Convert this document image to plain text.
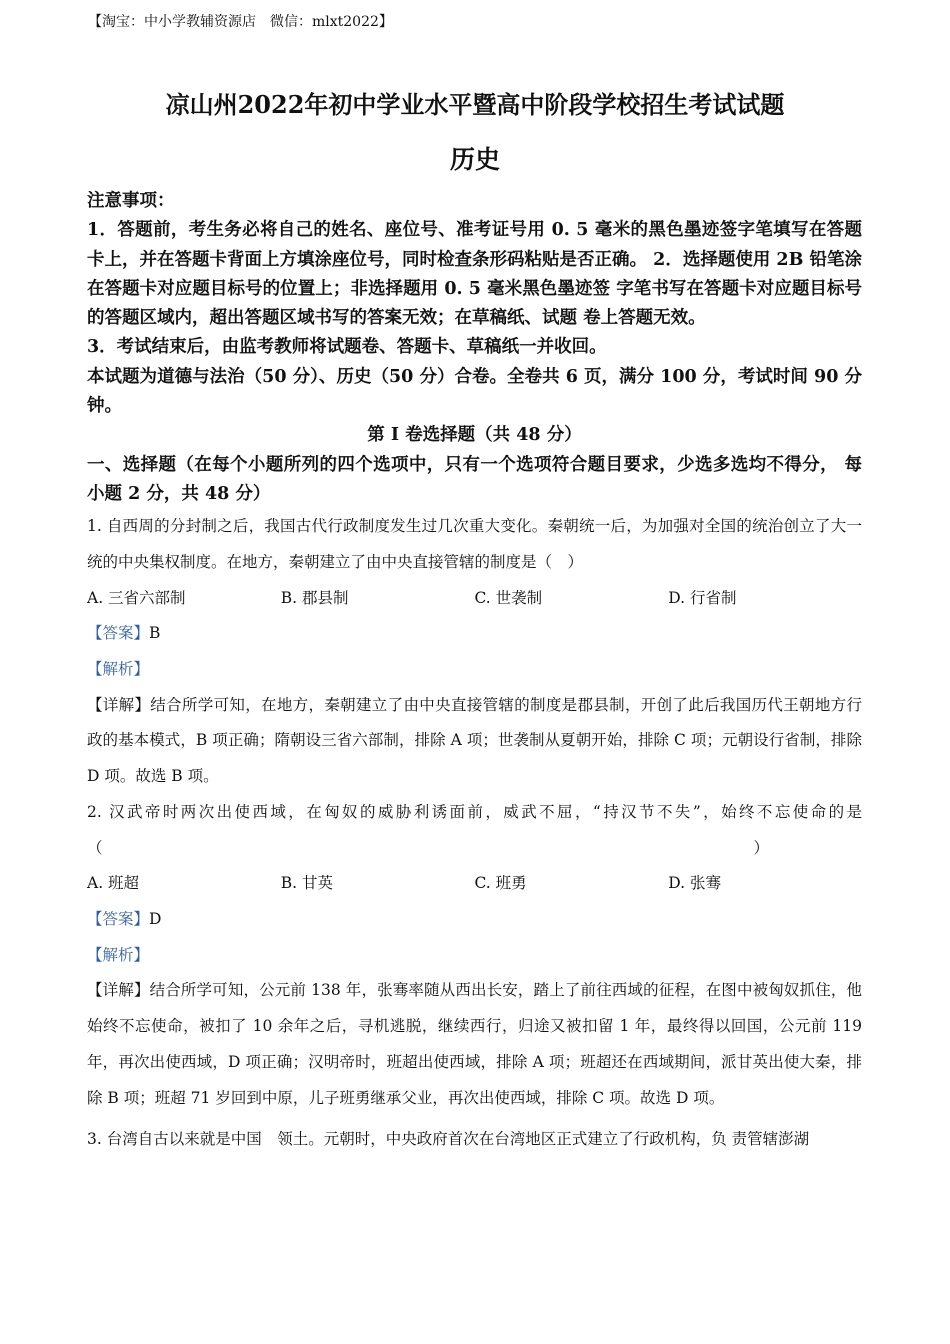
【淘宝：中小学教辅资源店　微信：mlxt2022】
凉山州2022年初中学业水平暨高中阶段学校招生考试试题
历史

注意事项：

1．答题前，考生务必将自己的姓名、座位号、准考证号用 0. 5 毫米的黑色墨迹签字笔填写在答题卡上，并在答题卡背面上方填涂座位号，同时检查条形码粘贴是否正确。 2．选择题使用 2B 铅笔涂在答题卡对应题目标号的位置上；非选择题用 0. 5 毫米黑色墨迹签 字笔书写在答题卡对应题目标号的答题区域内，超出答题区域书写的答案无效；在草稿纸、试题 卷上答题无效。

3．考试结束后，由监考教师将试题卷、答题卡、草稿纸一并收回。

本试题为道德与法治（50 分）、历史（50 分）合卷。全卷共 6 页，满分 100 分，考试时间 90 分钟。

第 I 卷选择题（共 48 分）

一、选择题（在每个小题所列的四个选项中，只有一个选项符合题目要求，少选多选均不得分， 每小题 2 分，共 48 分）

1. 自西周的分封制之后，我国古代行政制度发生过几次重大变化。秦朝统一后，为加强对全国的统治创立了大一统的中央集权制度。在地方，秦朝建立了由中央直接管辖的制度是（　）

A. 三省六部制	B. 郡县制	C. 世袭制	D. 行省制

【答案】B

【解析】

【详解】结合所学可知，在地方，秦朝建立了由中央直接管辖的制度是郡县制，开创了此后我国历代王朝地方行政的基本模式，B 项正确；隋朝设三省六部制，排除 A 项；世袭制从夏朝开始，排除 C 项；元朝设行省制，排除 D 项。故选 B 项。

2. 汉武帝时两次出使西域，在匈奴的威胁利诱面前，威武不屈，“持汉节不失”，始终不忘使命的是（　　　　　　　　　　　　　　　　　　　　　　　　　　　　　　　　　　　　　　　　　　）

A. 班超	B. 甘英	C. 班勇	D. 张骞

【答案】D

【解析】

【详解】结合所学可知，公元前 138 年，张骞率随从西出长安，踏上了前往西域的征程，在图中被匈奴抓住，他始终不忘使命，被扣了 10 余年之后，寻机逃脱，继续西行，归途又被扣留 1 年，最终得以回国，公元前 119 年，再次出使西域，D 项正确；汉明帝时，班超出使西域，排除 A 项；班超还在西域期间，派甘英出使大秦，排除 B 项；班超 71 岁回到中原，儿子班勇继承父业，再次出使西域，排除 C 项。故选 D 项。

3. 台湾自古以来就是中国　领土。元朝时，中央政府首次在台湾地区正式建立了行政机构，负 责管辖澎湖
